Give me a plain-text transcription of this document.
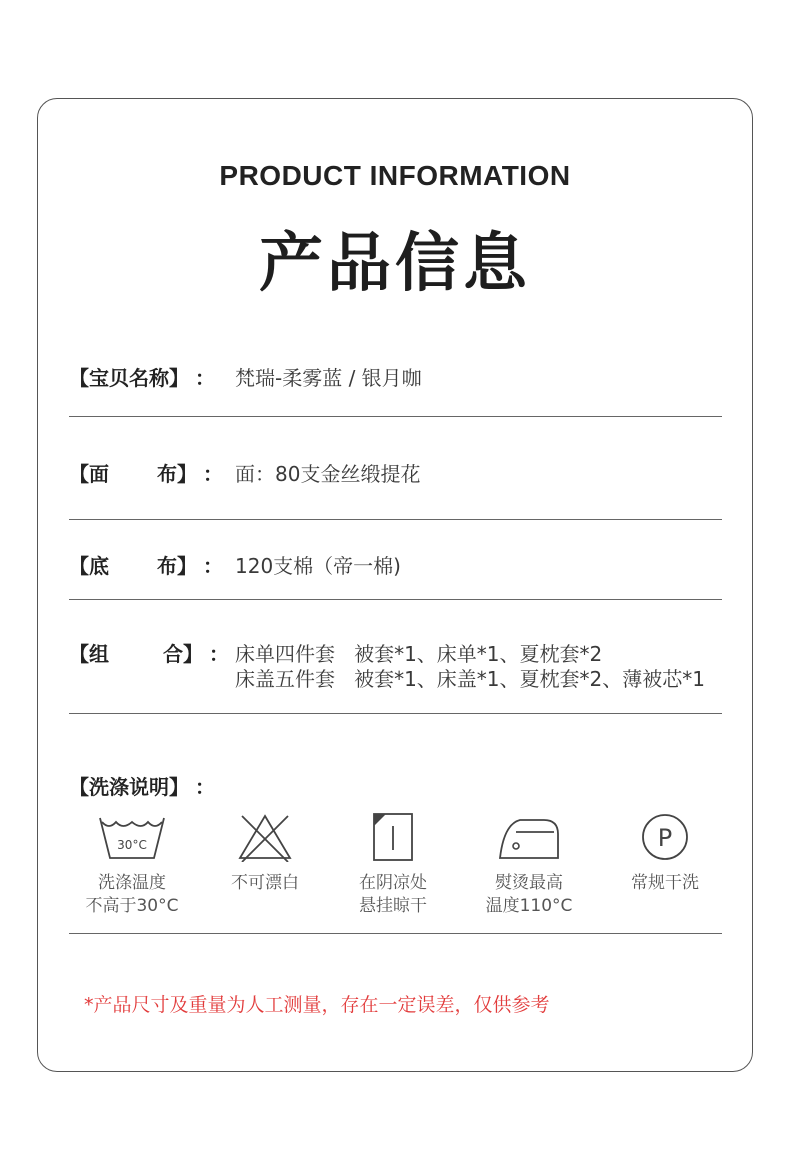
PRODUCT INFORMATION
产品信息
【宝贝名称】 ： 梵瑞-柔雾蓝 / 银月咖
【面 布】 ： 面：80支金丝缎提花
【底 布】 ： 120支棉（帝一棉)
【组	合】 ： 床单四件套   被套*1、床单*1、夏枕套*2
床盖五件套   被套*1、床盖*1、夏枕套*2、薄被芯*1
【洗涤说明】 ：
30°C
洗涤温度
不高于30°C
不可漂白	在阴凉处
悬挂晾干
熨烫最高
温度110°C
P
常规干洗
*产品尺寸及重量为人工测量，存在一定误差，仅供参考
